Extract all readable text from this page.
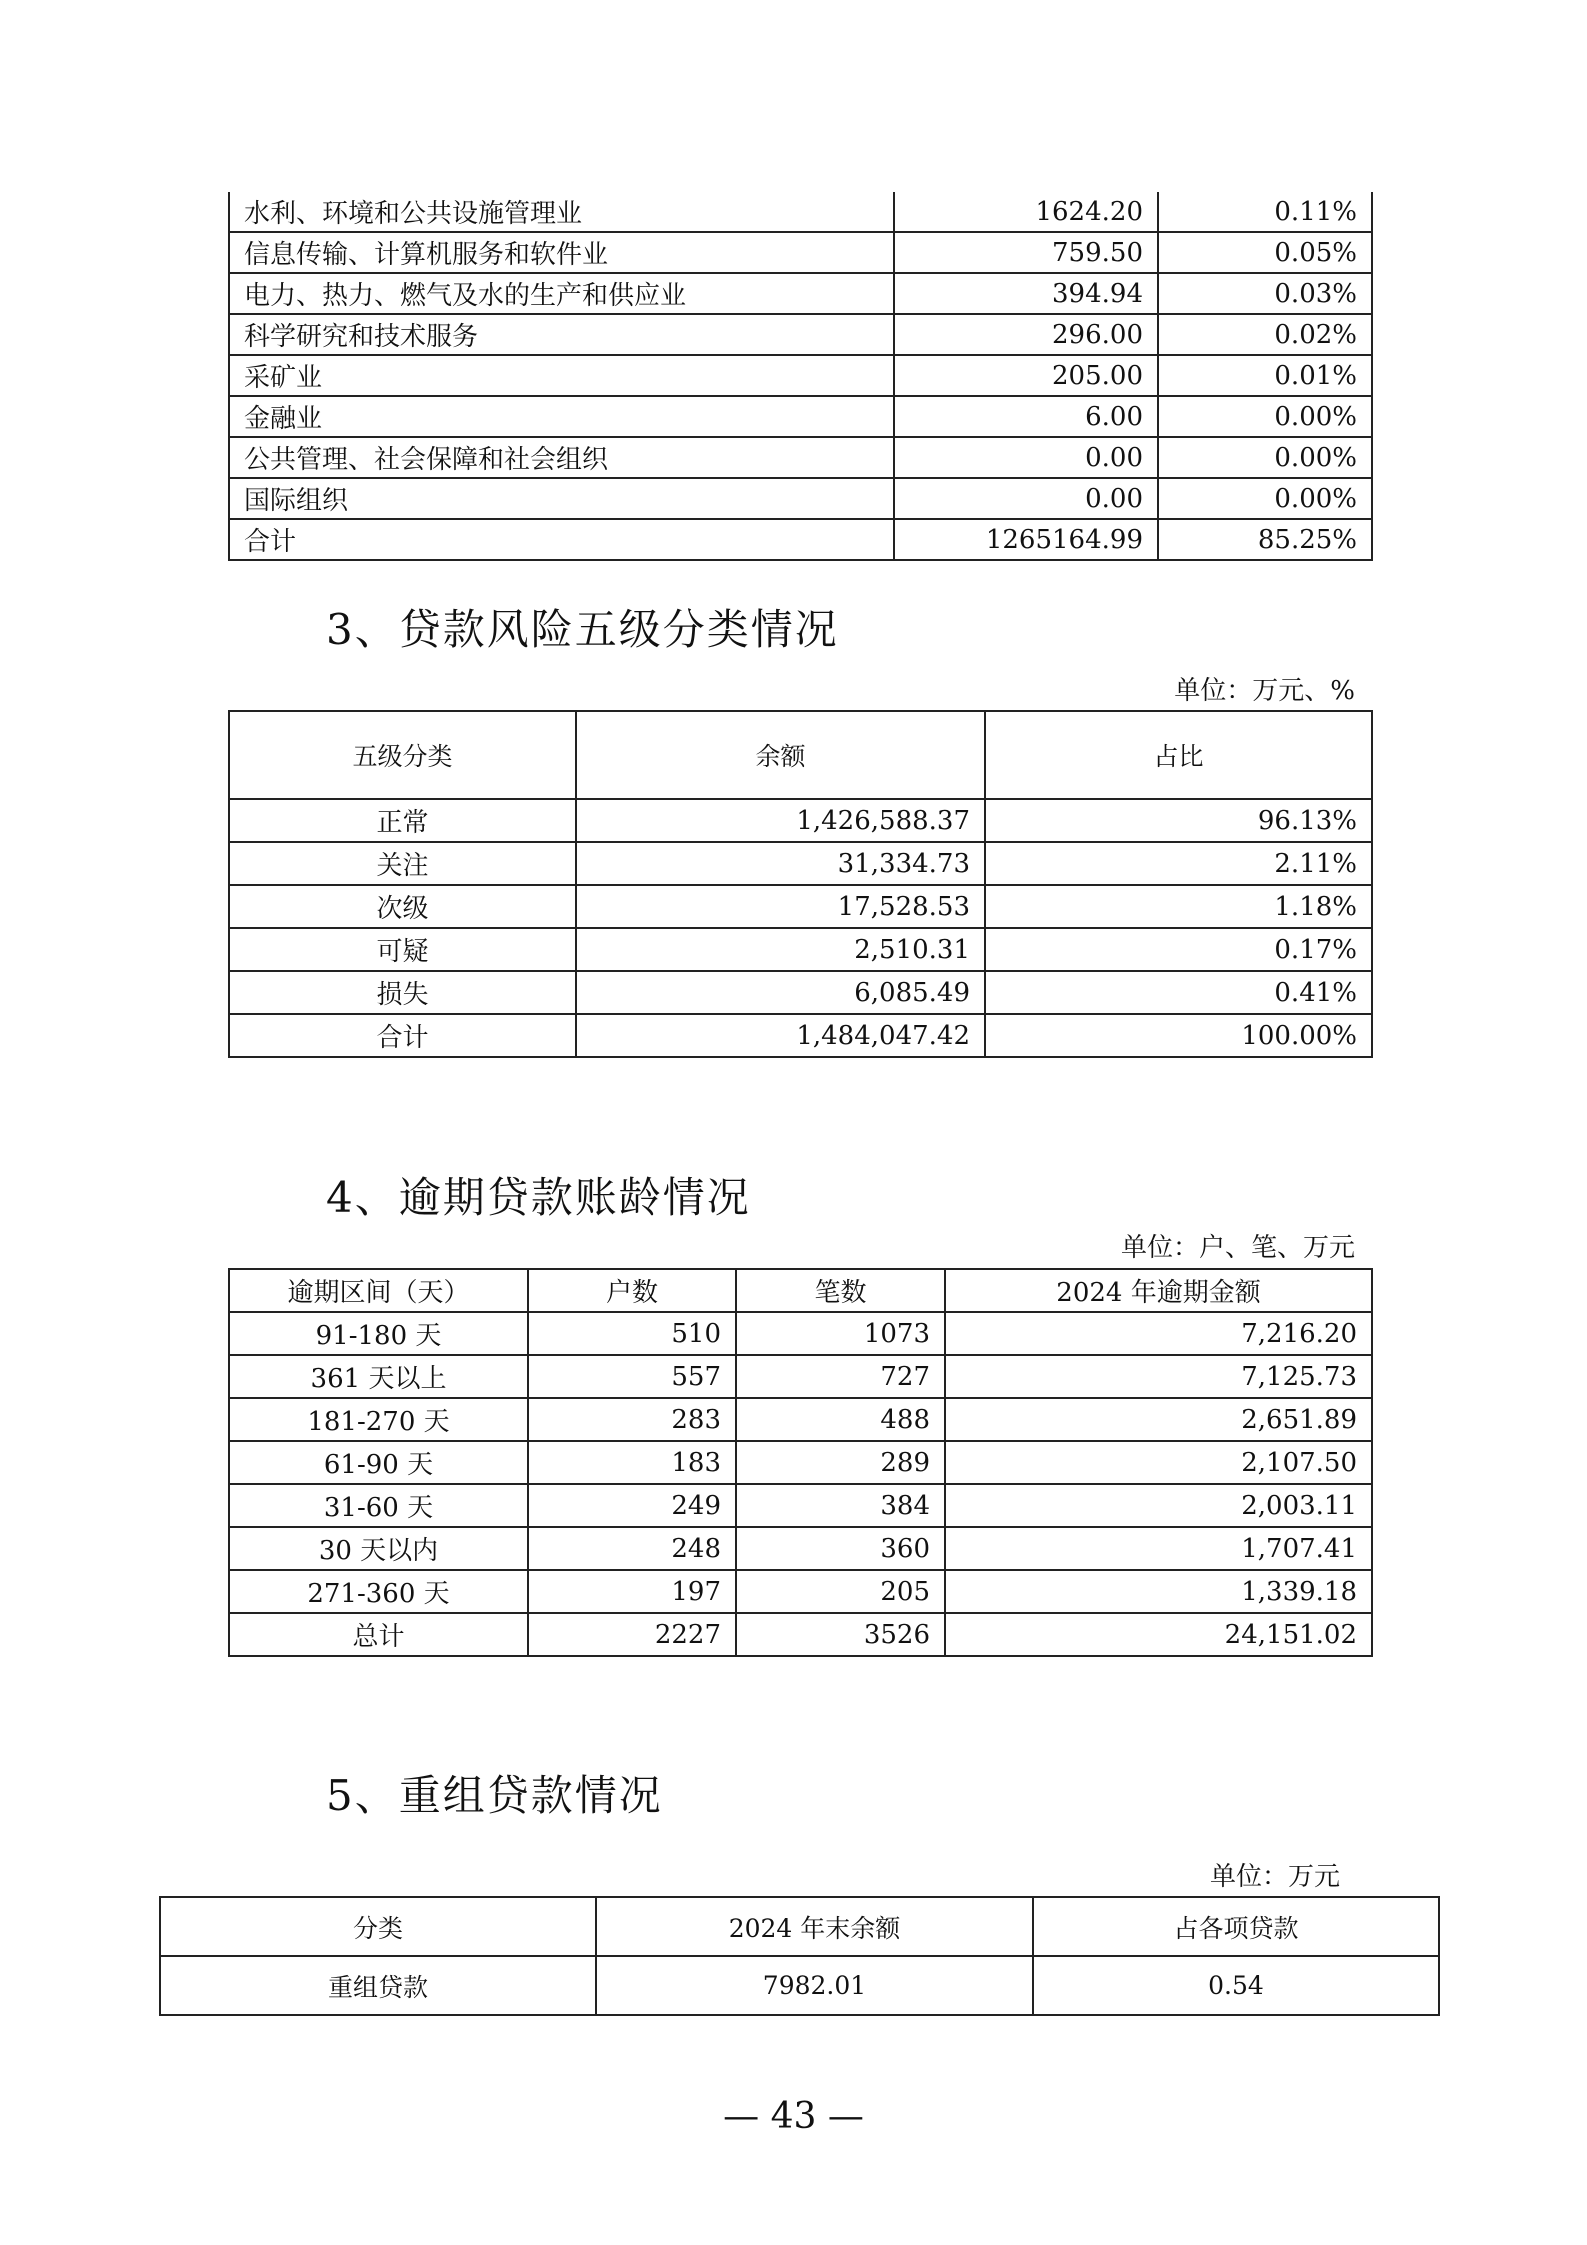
水利、环境和公共设施管理业	1624.20	0.11%
信息传输、计算机服务和软件业	759.50	0.05%
电力、热力、燃气及水的生产和供应业	394.94	0.03%
科学研究和技术服务	296.00	0.02%
采矿业	205.00	0.01%
金融业	6.00	0.00%
公共管理、社会保障和社会组织	0.00	0.00%
国际组织	0.00	0.00%
合计	1265164.99	85.25%
3、贷款风险五级分类情况
单位：万元、%
五级分类	余额	占比
正常	1,426,588.37	96.13%
关注	31,334.73	2.11%
次级	17,528.53	1.18%
可疑	2,510.31	0.17%
损失	6,085.49	0.41%
合计	1,484,047.42	100.00%
4、逾期贷款账龄情况
单位：户、笔、万元
逾期区间（天）	户数	笔数	2024 年逾期金额
91-180 天	510	1073	7,216.20
361 天以上	557	727	7,125.73
181-270 天	283	488	2,651.89
61-90 天	183	289	2,107.50
31-60 天	249	384	2,003.11
30 天以内	248	360	1,707.41
271-360 天	197	205	1,339.18
总计	2227	3526	24,151.02
5、重组贷款情况
单位：万元
分类	2024 年末余额	占各项贷款
重组贷款	7982.01	0.54
— 43 —
